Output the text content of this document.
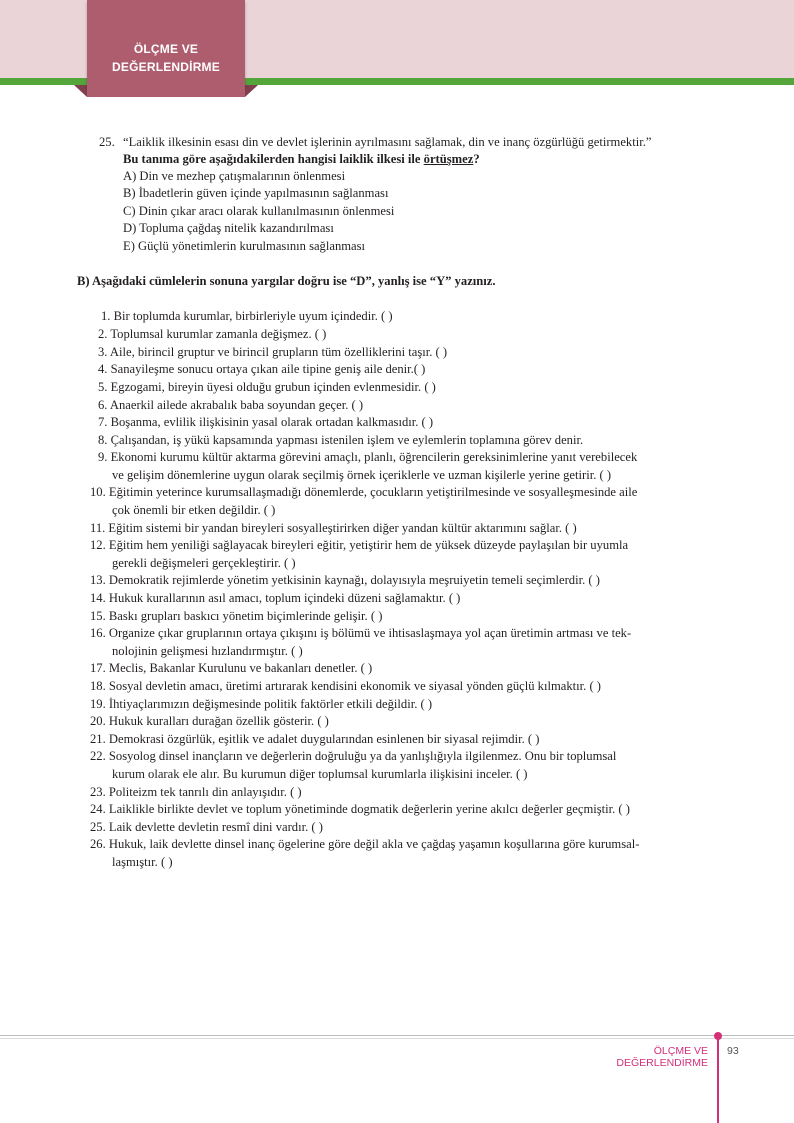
ÖLÇME VE
DEĞERLENDİRME
25. “Laiklik ilkesinin esası din ve devlet işlerinin ayrılmasını sağlamak, din ve inanç özgürlüğü getirmektir.”
Bu tanıma göre aşağıdakilerden hangisi laiklik ilkesi ile örtüşmez?
A) Din ve mezhep çatışmalarının önlenmesi
B) İbadetlerin güven içinde yapılmasının sağlanması
C) Dinin çıkar aracı olarak kullanılmasının önlenmesi
D) Topluma çağdaş nitelik kazandırılması
E) Güçlü yönetimlerin kurulmasının sağlanması
B) Aşağıdaki cümlelerin sonuna yargılar doğru ise “D”, yanlış ise “Y” yazınız.
1. Bir toplumda kurumlar, birbirleriyle uyum içindedir. ( )
2. Toplumsal kurumlar zamanla değişmez. ( )
3. Aile, birincil gruptur ve birincil grupların tüm özelliklerini taşır. ( )
4. Sanayileşme sonucu ortaya çıkan aile tipine geniş aile denir.( )
5. Egzogami, bireyin üyesi olduğu grubun içinden evlenmesidir. ( )
6. Anaerkil ailede akrabalık baba soyundan geçer. ( )
7. Boşanma, evlilik ilişkisinin yasal olarak ortadan kalkmasıdır. ( )
8. Çalışandan, iş yükü kapsamında yapması istenilen işlem ve eylemlerin toplamına görev denir.
9. Ekonomi kurumu kültür aktarma görevini amaçlı, planlı, öğrencilerin gereksinimlerine yanıt verebilecek
ve gelişim dönemlerine uygun olarak seçilmiş örnek içeriklerle ve uzman kişilerle yerine getirir. ( )
10. Eğitimin yeterince kurumsallaşmadığı dönemlerde, çocukların yetiştirilmesinde ve sosyalleşmesinde aile
çok önemli bir etken değildir. ( )
11. Eğitim sistemi bir yandan bireyleri sosyalleştirirken diğer yandan kültür aktarımını sağlar. ( )
12. Eğitim hem yeniliği sağlayacak bireyleri eğitir, yetiştirir hem de yüksek düzeyde paylaşılan bir uyumla
gerekli değişmeleri gerçekleştirir. ( )
13. Demokratik rejimlerde yönetim yetkisinin kaynağı, dolayısıyla meşruiyetin temeli seçimlerdir. ( )
14. Hukuk kurallarının asıl amacı, toplum içindeki düzeni sağlamaktır. ( )
15. Baskı grupları baskıcı yönetim biçimlerinde gelişir. ( )
16. Organize çıkar gruplarının ortaya çıkışını iş bölümü ve ihtisaslaşmaya yol açan üretimin artması ve tek-
nolojinin gelişmesi hızlandırmıştır. ( )
17. Meclis, Bakanlar Kurulunu ve bakanları denetler. ( )
18. Sosyal devletin amacı, üretimi artırarak kendisini ekonomik ve siyasal yönden güçlü kılmaktır. ( )
19. İhtiyaçlarımızın değişmesinde politik faktörler etkili değildir. ( )
20. Hukuk kuralları durağan özellik gösterir. ( )
21. Demokrasi özgürlük, eşitlik ve adalet duygularından esinlenen bir siyasal rejimdir. ( )
22. Sosyolog dinsel inançların ve değerlerin doğruluğu ya da yanlışlığıyla ilgilenmez. Onu bir toplumsal
kurum olarak ele alır. Bu kurumun diğer toplumsal kurumlarla ilişkisini inceler. ( )
23. Politeizm tek tanrılı din anlayışıdır. ( )
24. Laiklikle birlikte devlet ve toplum yönetiminde dogmatik değerlerin yerine akılcı değerler geçmiştir. ( )
25. Laik devlette devletin resmî dini vardır. ( )
26. Hukuk, laik devlette dinsel inanç ögelerine göre değil akla ve çağdaş yaşamın koşullarına göre kurumsal-
laşmıştır. ( )
ÖLÇME VE DEĞERLENDİRME
93
